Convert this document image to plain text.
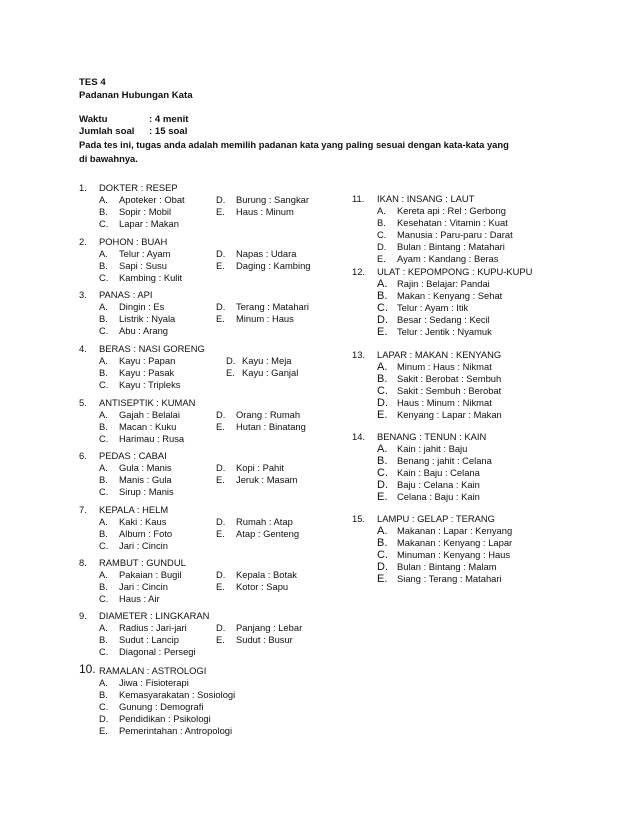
TES 4
Padanan Hubungan Kata
Waktu	: 4 menit
Jumlah soal : 15 soal
Pada tes ini, tugas anda adalah memilih padanan kata yang paling sesuai dengan kata-kata yang di bawahnya.
1. DOKTER : RESEP
A. Apoteker : Obat
B. Sopir : Mobil
C. Lapar : Makan
D. Burung : Sangkar
E. Haus : Minum
2. POHON : BUAH
A. Telur : Ayam
B. Sapi : Susu
C. Kambing : Kulit
D. Napas : Udara
E. Daging : Kambing
3. PANAS : API
A. Dingin : Es
B. Listrik : Nyala
C. Abu : Arang
D. Terang : Matahari
E. Minum : Haus
4. BERAS : NASI GORENG
A. Kayu : Papan
B. Kayu : Pasak
C. Kayu : Tripleks
D. Kayu : Meja
E. Kayu : Ganjal
5. ANTISEPTIK : KUMAN
A. Gajah : Belalai
B. Macan : Kuku
C. Harimau : Rusa
D. Orang : Rumah
E. Hutan : Binatang
6. PEDAS : CABAI
A. Gula : Manis
B. Manis : Gula
C. Sirup : Manis
D. Kopi : Pahit
E. Jeruk : Masam
7. KEPALA : HELM
A. Kaki : Kaus
B. Album : Foto
C. Jari : Cincin
D. Rumah : Atap
E. Atap : Genteng
8. RAMBUT : GUNDUL
A. Pakaian : Bugil
B. Jari : Cincin
C. Haus : Air
D. Kepala : Botak
E. Kotor : Sapu
9. DIAMETER : LINGKARAN
A. Radius : Jari-jari
B. Sudut : Lancip
C. Diagonal : Persegi
D. Panjang : Lebar
E. Sudut : Busur
10. RAMALAN : ASTROLOGI
A. Jiwa : Fisioterapi
B. Kemasyarakatan : Sosiologi
C. Gunung : Demografi
D. Pendidikan : Psikologi
E. Pemerintahan : Antropologi
11. IKAN : INSANG : LAUT
A. Kereta api : Rel : Gerbong
B. Kesehatan : Vitamin : Kuat
C. Manusia : Paru-paru : Darat
D. Bulan : Bintang : Matahari
E. Ayam : Kandang : Beras
12. ULAT : KEPOMPONG : KUPU-KUPU
A. Rajin : Belajar: Pandai
B. Makan : Kenyang : Sehat
C. Telur : Ayam : Itik
D. Besar : Sedang : Kecil
E. Telur : Jentik : Nyamuk
13. LAPAR : MAKAN : KENYANG
A. Minum : Haus : Nikmat
B. Sakit : Berobat : Sembuh
C. Sakit : Sembuh : Berobat
D. Haus : Minum : Nikmat
E. Kenyang : Lapar : Makan
14. BENANG : TENUN : KAIN
A. Kain : jahit : Baju
B. Benang : jahit : Celana
C. Kain : Baju : Celana
D. Baju : Celana : Kain
E. Celana : Baju : Kain
15. LAMPU : GELAP : TERANG
A. Makanan : Lapar : Kenyang
B. Makanan : Kenyang : Lapar
C. Minuman : Kenyang : Haus
D. Bulan : Bintang : Malam
E. Siang : Terang : Matahari
